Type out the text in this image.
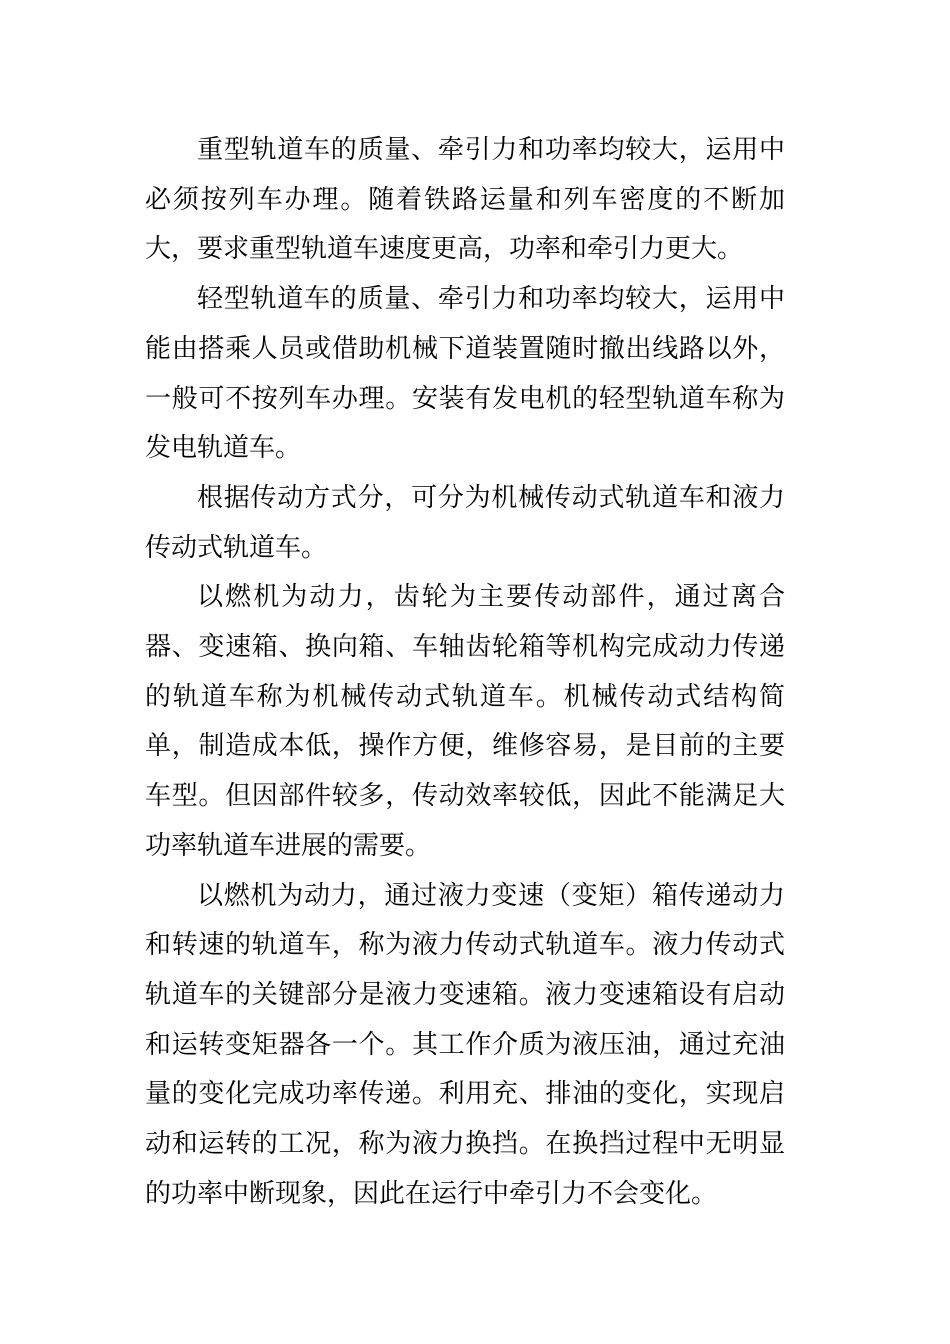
重型轨道车的质量、牵引力和功率均较大，运用中必须按列车办理。随着铁路运量和列车密度的不断加大，要求重型轨道车速度更高，功率和牵引力更大。

轻型轨道车的质量、牵引力和功率均较大，运用中能由搭乘人员或借助机械下道装置随时撤出线路以外，一般可不按列车办理。安装有发电机的轻型轨道车称为发电轨道车。

根据传动方式分，可分为机械传动式轨道车和液力传动式轨道车。

以燃机为动力，齿轮为主要传动部件，通过离合器、变速箱、换向箱、车轴齿轮箱等机构完成动力传递的轨道车称为机械传动式轨道车。机械传动式结构简单，制造成本低，操作方便，维修容易，是目前的主要车型。但因部件较多，传动效率较低，因此不能满足大功率轨道车进展的需要。

以燃机为动力，通过液力变速（变矩）箱传递动力和转速的轨道车，称为液力传动式轨道车。液力传动式轨道车的关键部分是液力变速箱。液力变速箱设有启动和运转变矩器各一个。其工作介质为液压油，通过充油量的变化完成功率传递。利用充、排油的变化，实现启动和运转的工况，称为液力换挡。在换挡过程中无明显的功率中断现象，因此在运行中牵引力不会变化。
